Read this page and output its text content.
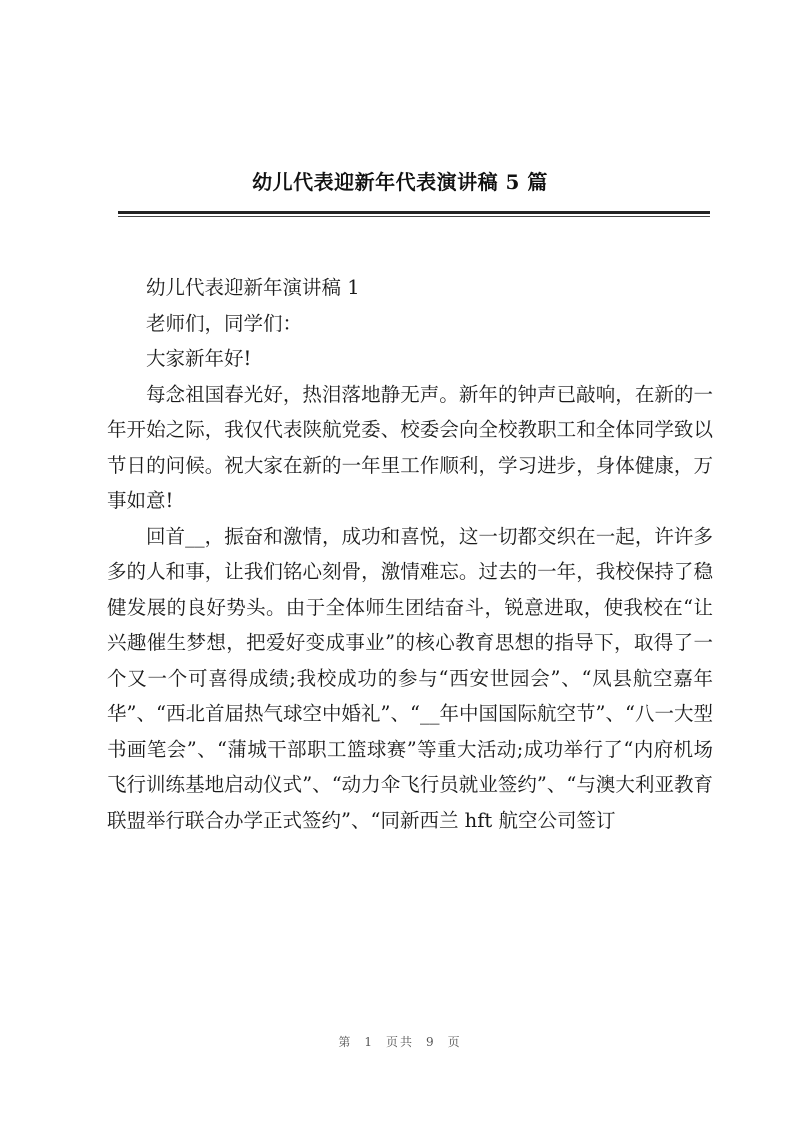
幼儿代表迎新年代表演讲稿 5 篇

幼儿代表迎新年演讲稿 1

老师们，同学们：

大家新年好!

每念祖国春光好，热泪落地静无声。新年的钟声已敲响，在新的一年开始之际，我仅代表陕航党委、校委会向全校教职工和全体同学致以节日的问候。祝大家在新的一年里工作顺利，学习进步，身体健康，万事如意!

回首__，振奋和激情，成功和喜悦，这一切都交织在一起，许许多多的人和事，让我们铭心刻骨，激情难忘。过去的一年，我校保持了稳健发展的良好势头。由于全体师生团结奋斗，锐意进取，使我校在“让兴趣催生梦想，把爱好变成事业”的核心教育思想的指导下，取得了一个又一个可喜得成绩;我校成功的参与“西安世园会”、“凤县航空嘉年华”、“西北首届热气球空中婚礼”、“__年中国国际航空节”、“八一大型书画笔会”、“蒲城干部职工篮球赛”等重大活动;成功举行了“内府机场飞行训练基地启动仪式”、“动力伞飞行员就业签约”、“与澳大利亚教育联盟举行联合办学正式签约”、“同新西兰 hft 航空公司签订

第 1 页共 9 页
